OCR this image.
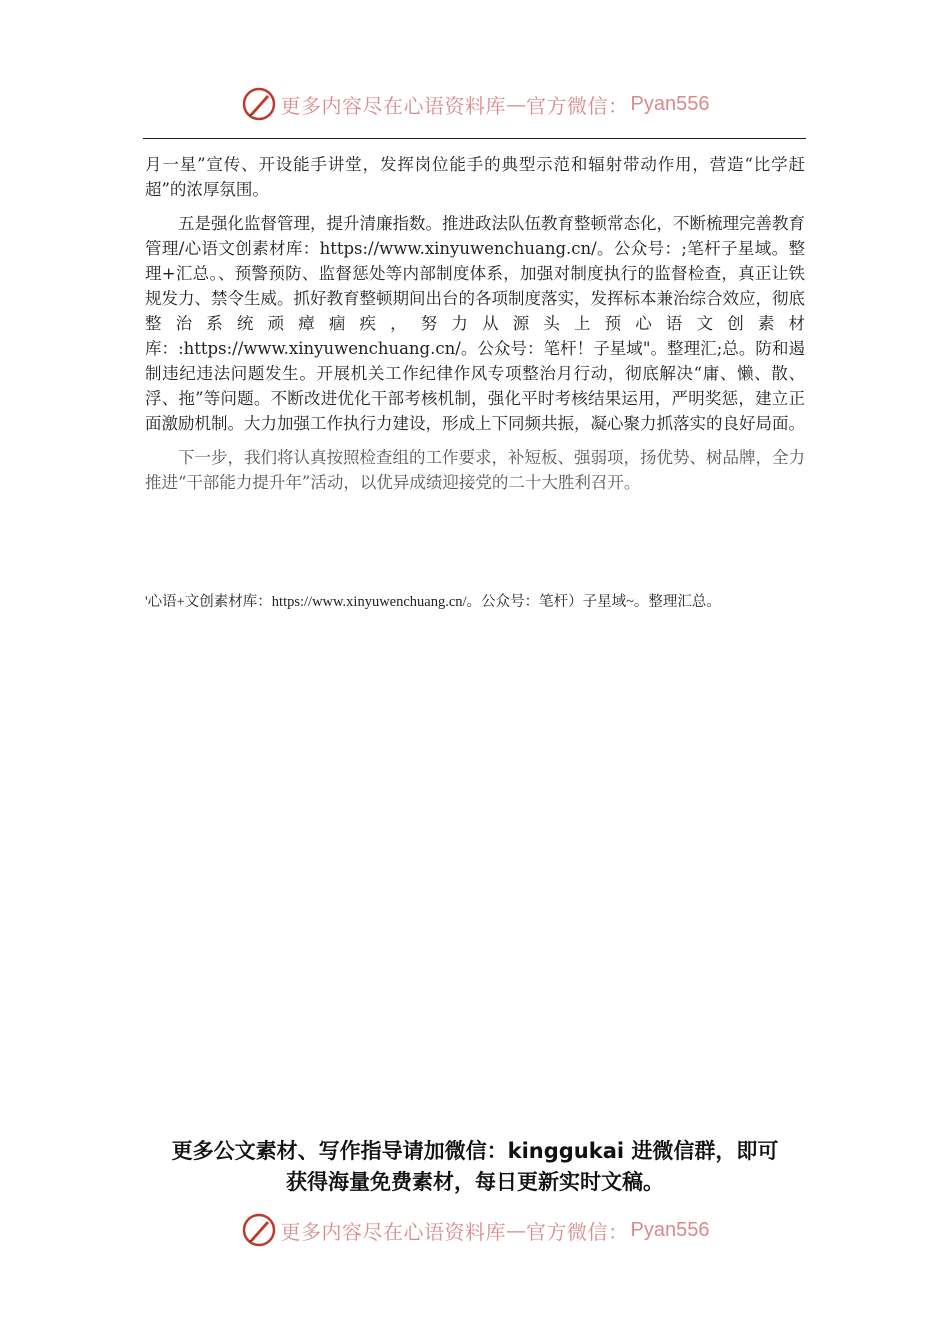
更多内容尽在心语资料库 — 官方微信： Pyan556

月一星”宣传、开设能手讲堂，发挥岗位能手的典型示范和辐射带动作用，营造“比学赶超”的浓厚氛围。

五是强化监督管理，提升清廉指数。推进政法队伍教育整顿常态化，不断梳理完善教育管理/心语文创素材库：https://www.xinyuwenchuang.cn/。公众号：;笔杆子星域。整理+汇总。、预警预防、监督惩处等内部制度体系，加强对制度执行的监督检查，真正让铁规发力、禁令生威。抓好教育整顿期间出台的各项制度落实，发挥标本兼治综合效应，彻底整治系统顽瘴痼疾，努力从源头上预心语文创素材库：:https://www.xinyuwenchuang.cn/。公众号：笔杆！子星域"。整理汇;总。防和遏制违纪违法问题发生。开展机关工作纪律作风专项整治月行动，彻底解决“庸、懒、散、浮、拖”等问题。不断改进优化干部考核机制，强化平时考核结果运用，严明奖惩，建立正面激励机制。大力加强工作执行力建设，形成上下同频共振，凝心聚力抓落实的良好局面。

下一步，我们将认真按照检查组的工作要求，补短板、强弱项，扬优势、树品牌，全力推进“干部能力提升年”活动，以优异成绩迎接党的二十大胜利召开。

'心语+文创素材库：https://www.xinyuwenchuang.cn/。公众号：笔杆）子星域~。整理汇总。
更多公文素材、写作指导请加微信：kinggukai 进微信群，即可
获得海量免费素材，每日更新实时文稿。
更多内容尽在心语资料库 — 官方微信： Pyan556
